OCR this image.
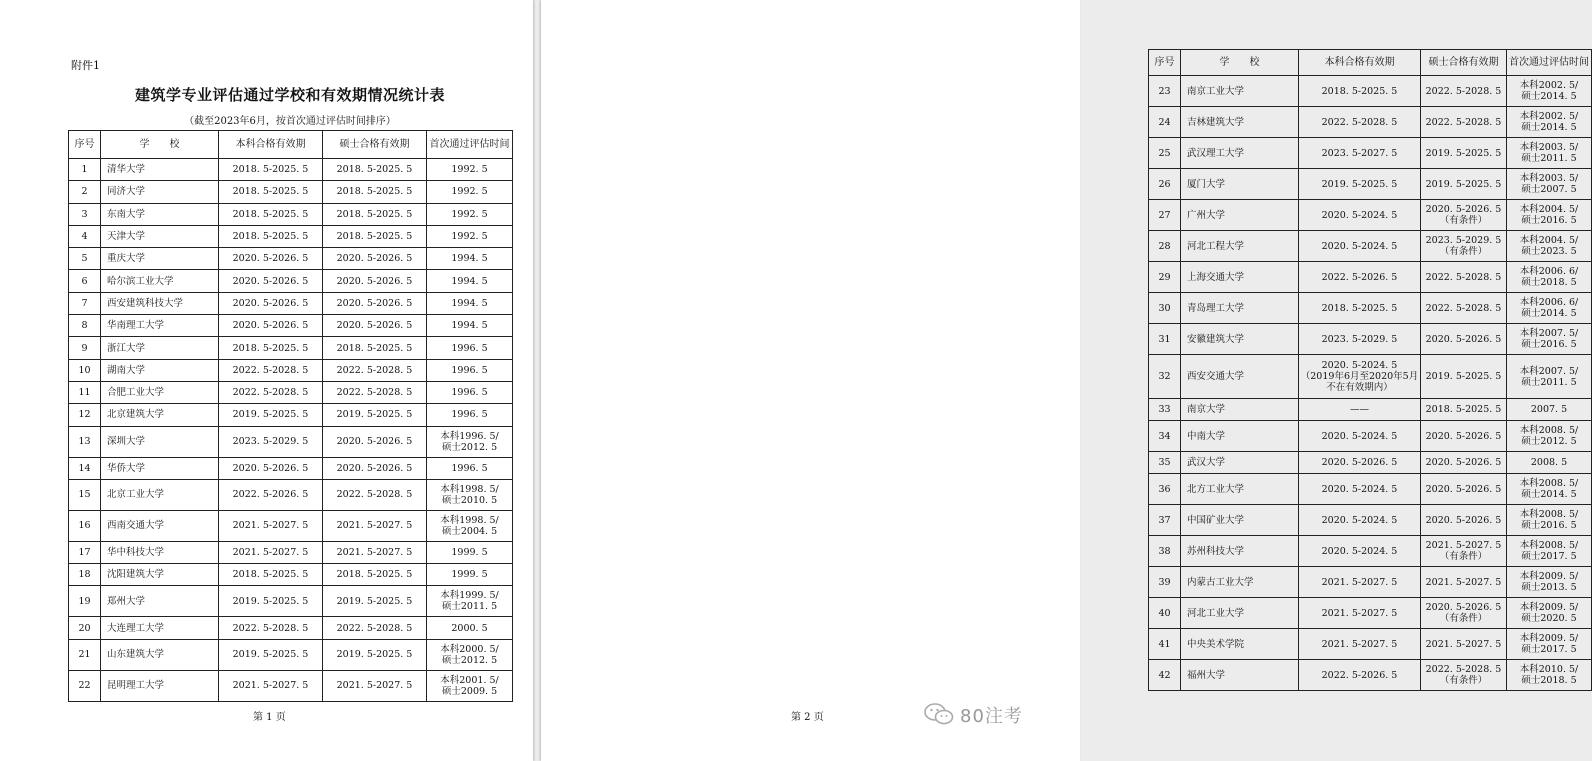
附件1
建筑学专业评估通过学校和有效期情况统计表
（截至2023年6月，按首次通过评估时间排序）
序号	学　　校	本科合格有效期	硕士合格有效期	首次通过评估时间
1	清华大学	2018. 5-2025. 5	2018. 5-2025. 5	1992. 5

2	同济大学	2018. 5-2025. 5	2018. 5-2025. 5	1992. 5

3	东南大学	2018. 5-2025. 5	2018. 5-2025. 5	1992. 5

4	天津大学	2018. 5-2025. 5	2018. 5-2025. 5	1992. 5

5	重庆大学	2020. 5-2026. 5	2020. 5-2026. 5	1994. 5

6	哈尔滨工业大学	2020. 5-2026. 5	2020. 5-2026. 5	1994. 5

7	西安建筑科技大学	2020. 5-2026. 5	2020. 5-2026. 5	1994. 5

8	华南理工大学	2020. 5-2026. 5	2020. 5-2026. 5	1994. 5

9	浙江大学	2018. 5-2025. 5	2018. 5-2025. 5	1996. 5

10	湖南大学	2022. 5-2028. 5	2022. 5-2028. 5	1996. 5

11	合肥工业大学	2022. 5-2028. 5	2022. 5-2028. 5	1996. 5

12	北京建筑大学	2019. 5-2025. 5	2019. 5-2025. 5	1996. 5

13	深圳大学	2023. 5-2029. 5	2020. 5-2026. 5	本科1996. 5/
硕士2012. 5

14	华侨大学	2020. 5-2026. 5	2020. 5-2026. 5	1996. 5

15	北京工业大学	2022. 5-2026. 5	2022. 5-2028. 5	本科1998. 5/
硕士2010. 5

16	西南交通大学	2021. 5-2027. 5	2021. 5-2027. 5	本科1998. 5/
硕士2004. 5

17	华中科技大学	2021. 5-2027. 5	2021. 5-2027. 5	1999. 5

18	沈阳建筑大学	2018. 5-2025. 5	2018. 5-2025. 5	1999. 5

19	郑州大学	2019. 5-2025. 5	2019. 5-2025. 5	本科1999. 5/
硕士2011. 5

20	大连理工大学	2022. 5-2028. 5	2022. 5-2028. 5	2000. 5

21	山东建筑大学	2019. 5-2025. 5	2019. 5-2025. 5	本科2000. 5/
硕士2012. 5

22	昆明理工大学	2021. 5-2027. 5	2021. 5-2027. 5	本科2001. 5/
硕士2009. 5
第 1 页
序号	学　　校	本科合格有效期	硕士合格有效期	首次通过评估时间
23	南京工业大学	2018. 5-2025. 5	2022. 5-2028. 5	本科2002. 5/
硕士2014. 5

24	吉林建筑大学	2022. 5-2028. 5	2022. 5-2028. 5	本科2002. 5/
硕士2014. 5

25	武汉理工大学	2023. 5-2027. 5	2019. 5-2025. 5	本科2003. 5/
硕士2011. 5

26	厦门大学	2019. 5-2025. 5	2019. 5-2025. 5	本科2003. 5/
硕士2007. 5

27	广州大学	2020. 5-2024. 5	2020. 5-2026. 5
（有条件）	本科2004. 5/
硕士2016. 5

28	河北工程大学	2020. 5-2024. 5	2023. 5-2029. 5
（有条件）	本科2004. 5/
硕士2023. 5

29	上海交通大学	2022. 5-2026. 5	2022. 5-2028. 5	本科2006. 6/
硕士2018. 5

30	青岛理工大学	2018. 5-2025. 5	2022. 5-2028. 5	本科2006. 6/
硕士2014. 5

31	安徽建筑大学	2023. 5-2029. 5	2020. 5-2026. 5	本科2007. 5/
硕士2016. 5

32	西安交通大学	2020. 5-2024. 5
（2019年6月至2020年5月
不在有效期内）	2019. 5-2025. 5	本科2007. 5/
硕士2011. 5

33	南京大学	——	2018. 5-2025. 5	2007. 5

34	中南大学	2020. 5-2024. 5	2020. 5-2026. 5	本科2008. 5/
硕士2012. 5

35	武汉大学	2020. 5-2026. 5	2020. 5-2026. 5	2008. 5

36	北方工业大学	2020. 5-2024. 5	2020. 5-2026. 5	本科2008. 5/
硕士2014. 5

37	中国矿业大学	2020. 5-2024. 5	2020. 5-2026. 5	本科2008. 5/
硕士2016. 5

38	苏州科技大学	2020. 5-2024. 5	2021. 5-2027. 5
（有条件）	本科2008. 5/
硕士2017. 5

39	内蒙古工业大学	2021. 5-2027. 5	2021. 5-2027. 5	本科2009. 5/
硕士2013. 5

40	河北工业大学	2021. 5-2027. 5	2020. 5-2026. 5
（有条件）	本科2009. 5/
硕士2020. 5

41	中央美术学院	2021. 5-2027. 5	2021. 5-2027. 5	本科2009. 5/
硕士2017. 5

42	福州大学	2022. 5-2026. 5	2022. 5-2028. 5
（有条件）	本科2010. 5/
硕士2018. 5
第 2 页	80注考
